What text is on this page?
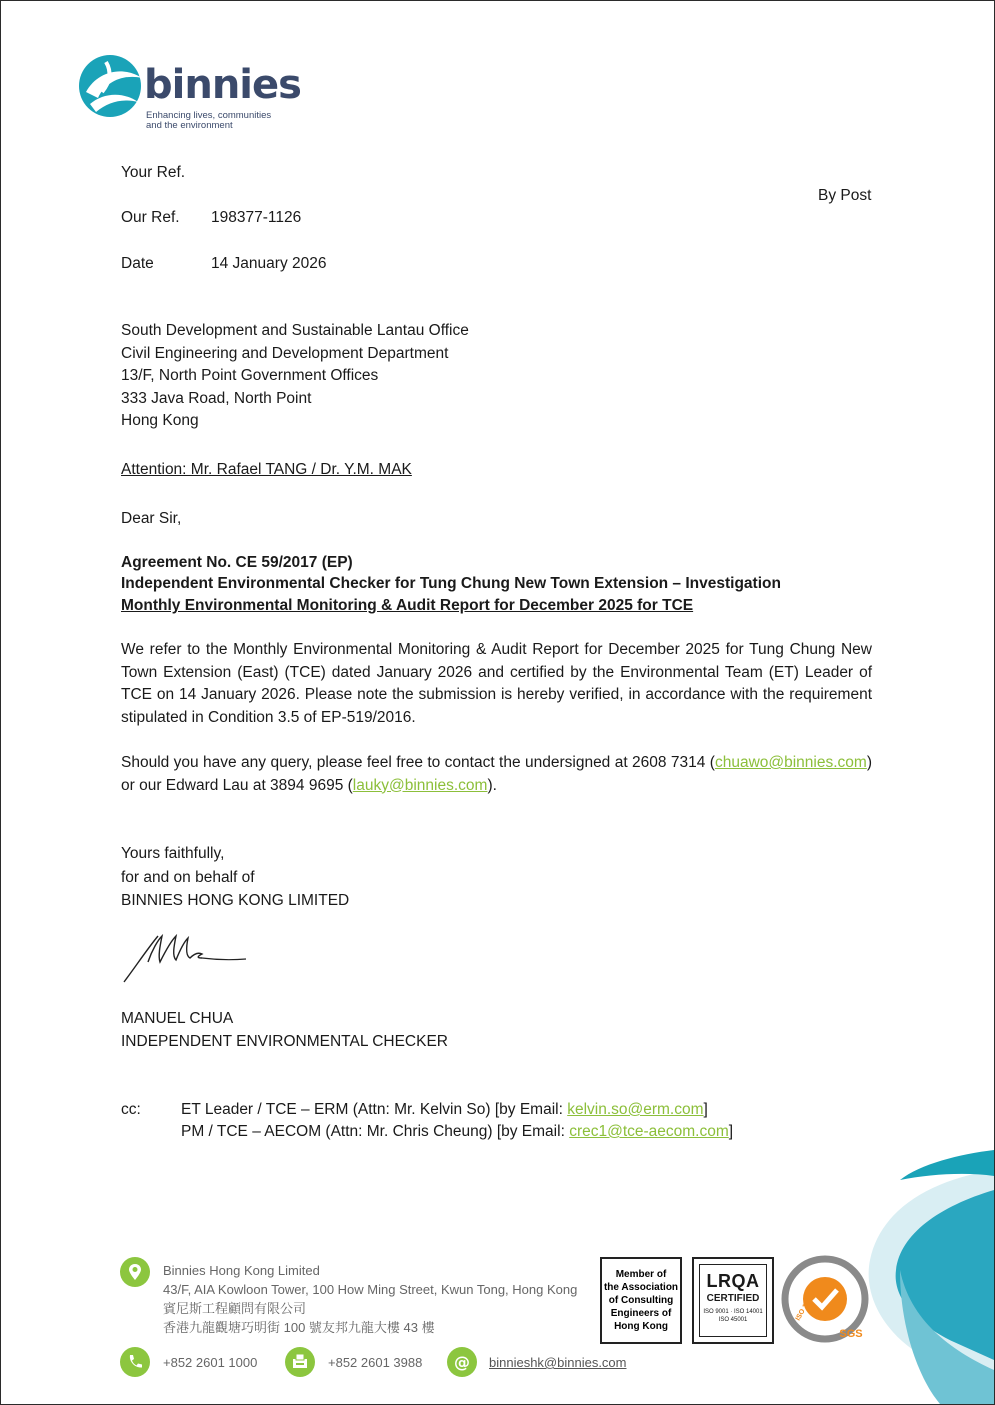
binnies
Enhancing lives, communities
and the environment
Your Ref.
By Post
Our Ref. 198377-1126
Date	14 January 2026
South Development and Sustainable Lantau Office
Civil Engineering and Development Department
13/F, North Point Government Offices
333 Java Road, North Point
Hong Kong
Attention: Mr. Rafael TANG / Dr. Y.M. MAK
Dear Sir,
Agreement No. CE 59/2017 (EP)
Independent Environmental Checker for Tung Chung New Town Extension – Investigation
Monthly Environmental Monitoring & Audit Report for December 2025 for TCE
We refer to the Monthly Environmental Monitoring & Audit Report for December 2025 for Tung Chung New Town Extension (East) (TCE) dated January 2026 and certified by the Environmental Team (ET) Leader of TCE on 14 January 2026. Please note the submission is hereby verified, in accordance with the requirement stipulated in Condition 3.5 of EP-519/2016.
Should you have any query, please feel free to contact the undersigned at 2608 7314 (chuawo@binnies.com) or our Edward Lau at 3894 9695 (lauky@binnies.com).
Yours faithfully,
for and on behalf of
BINNIES HONG KONG LIMITED
MANUEL CHUA
INDEPENDENT ENVIRONMENTAL CHECKER
cc:	ET Leader / TCE – ERM (Attn: Mr. Kelvin So) [by Email: kelvin.so@erm.com]
PM / TCE – AECOM (Attn: Mr. Chris Cheung) [by Email: crec1@tce-aecom.com]
Binnies Hong Kong Limited
43/F, AIA Kowloon Tower, 100 How Ming Street, Kwun Tong, Hong Kong
賓尼斯工程顧問有限公司
香港九龍觀塘巧明街 100 號友邦九龍大樓 43 樓
+852 2601 1000	+852 2601 3988 @ binnieshk@binnies.com
Member of
the Association
of Consulting
Engineers of
Hong Kong
LRQA
CERTIFIED
ISO 9001 · ISO 14001
ISO 45001	ISO 14001
SGS
